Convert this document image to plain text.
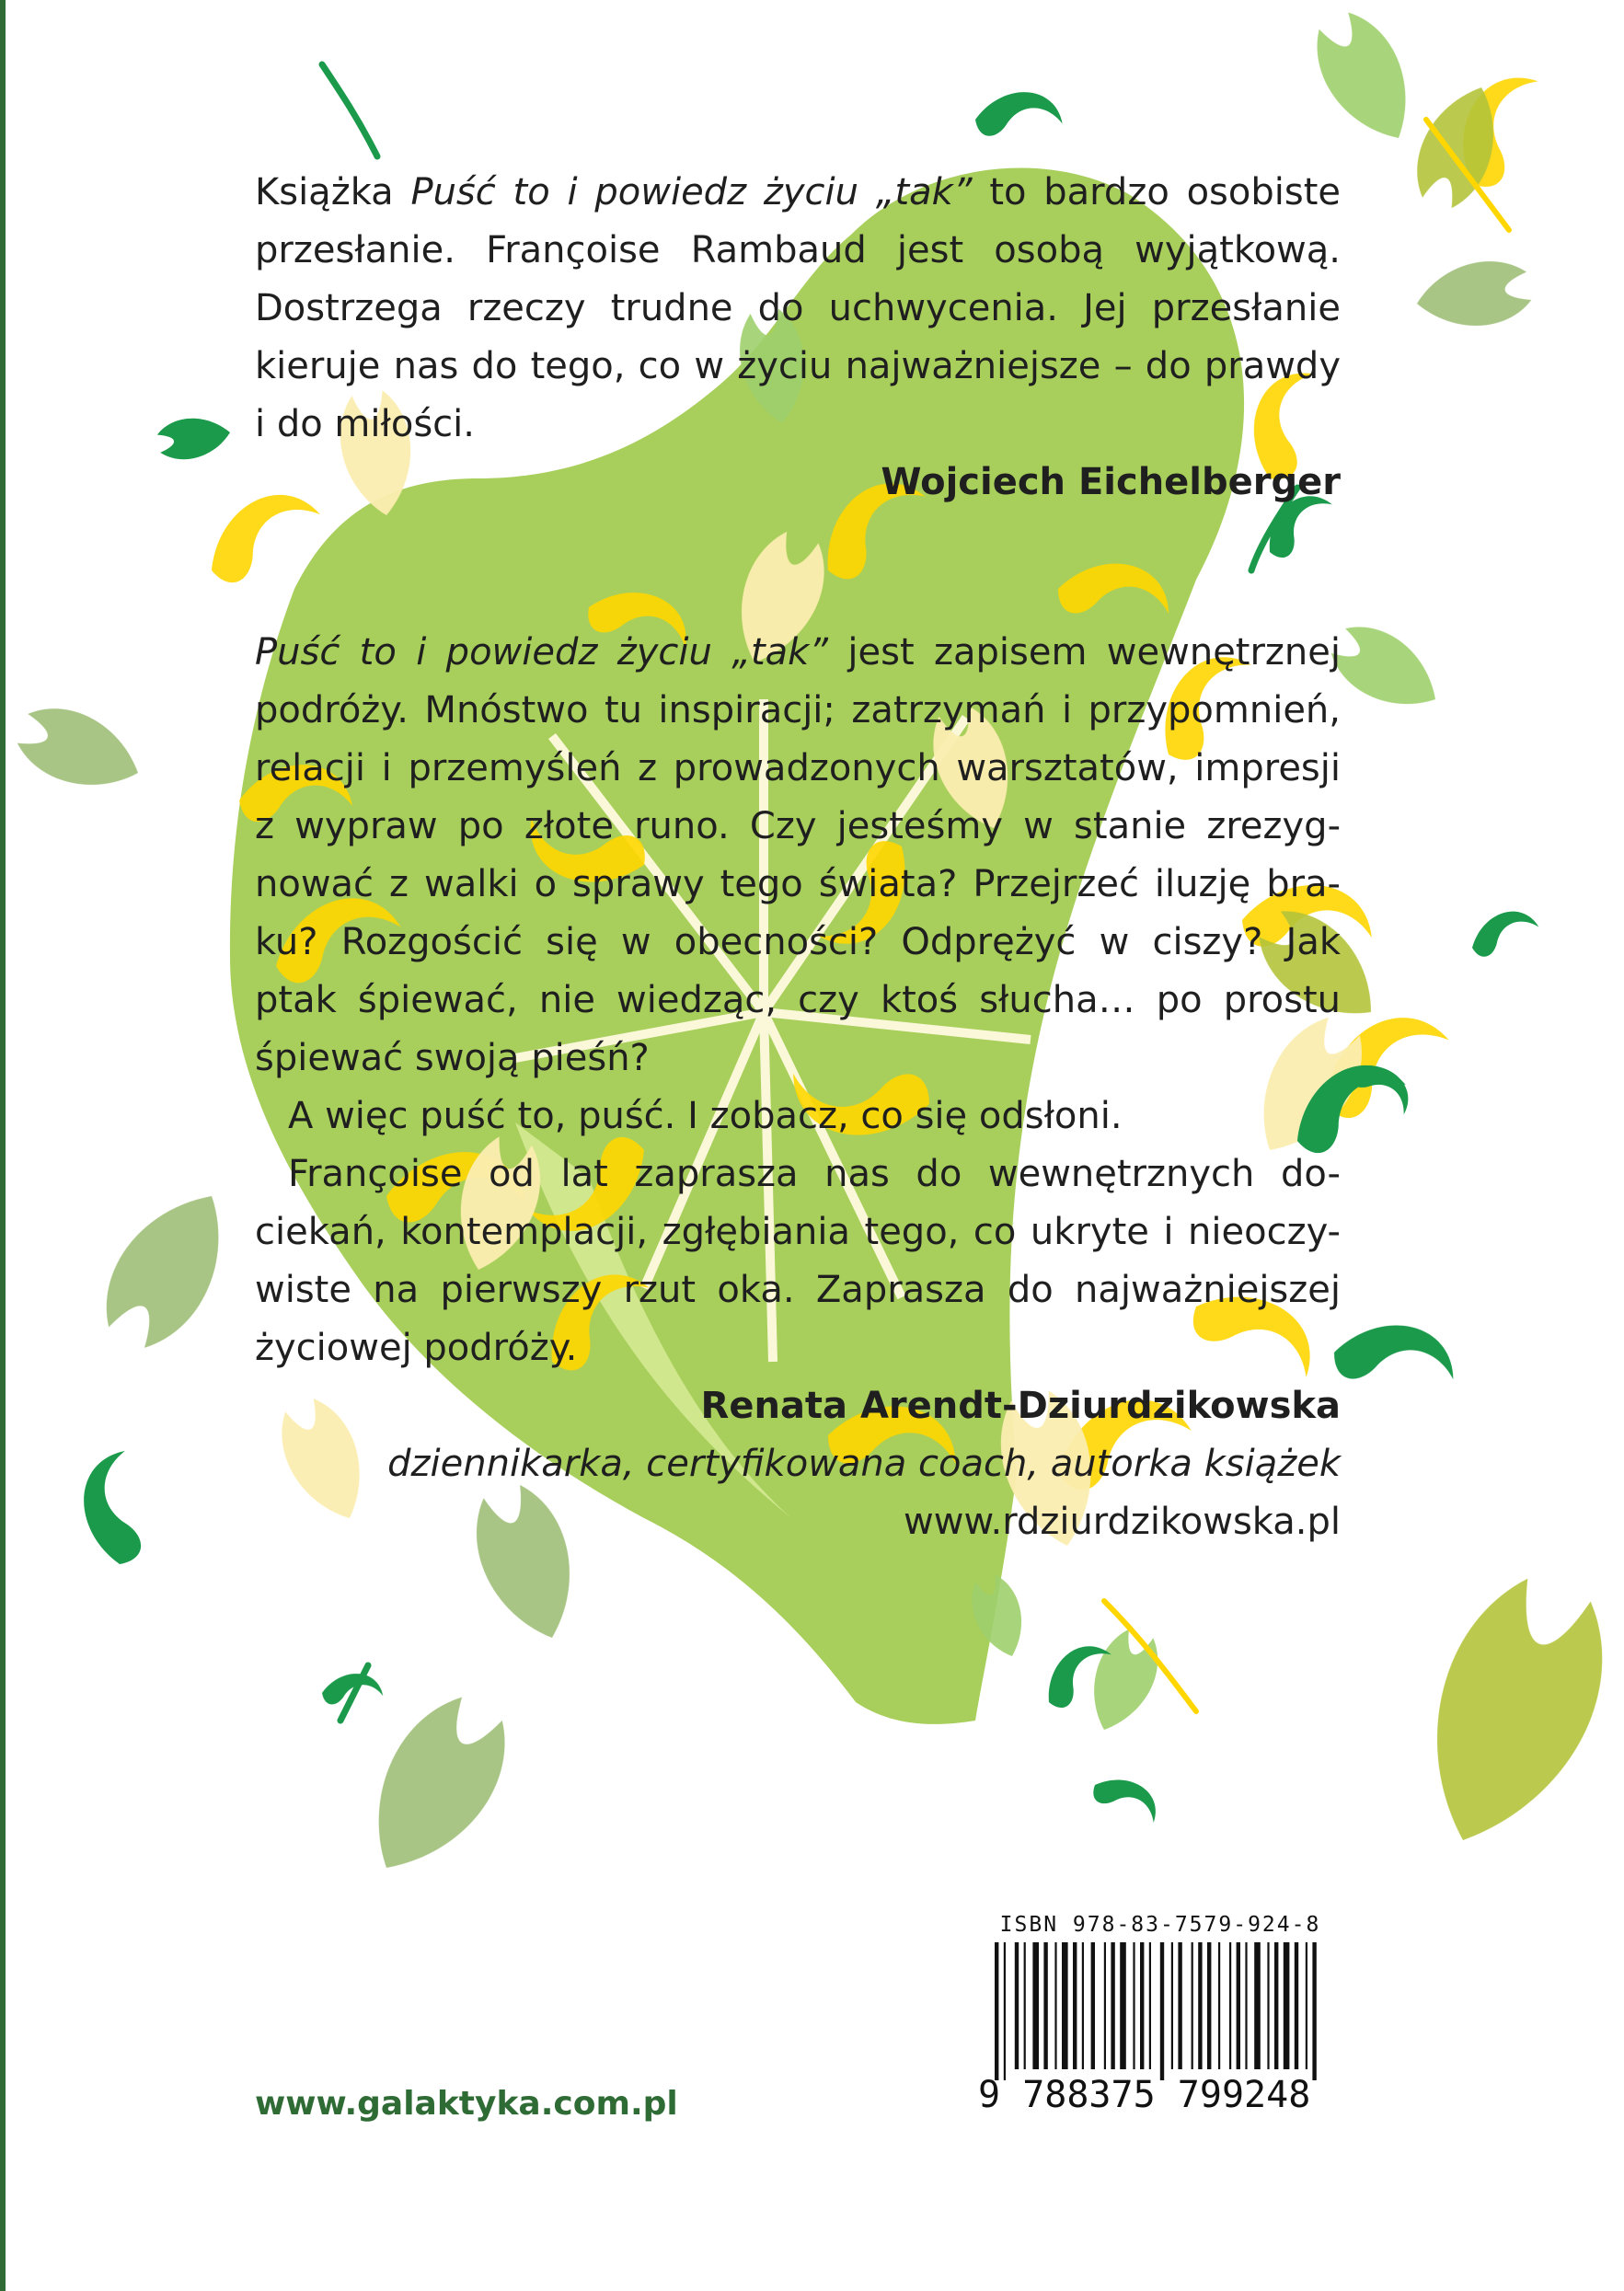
Książka Puść to i powiedz życiu „tak” to bardzo osobiste przesłanie. Françoise Rambaud jest osobą wyjątkową. Dostrzega rzeczy trudne do uchwycenia. Jej przesłanie kieruje nas do tego, co w życiu najważniejsze – do prawdy i do miłości.

Wojciech Eichelberger

Puść to i powiedz życiu „tak” jest zapisem wewnętrznej podróży. Mnóstwo tu inspiracji; zatrzymań i przypomnień, relacji i przemyśleń z prowadzonych warsztatów, impresji z wypraw po złote runo. Czy jesteśmy w stanie zrezyg-nować z walki o sprawy tego świata? Przejrzeć iluzję bra-ku? Rozgościć się w obecności? Odprężyć w ciszy? Jak ptak śpiewać, nie wiedząc, czy ktoś słucha… po prostu śpiewać swoją pieśń?

A więc puść to, puść. I zobacz, co się odsłoni.

Françoise od lat zaprasza nas do wewnętrznych do-ciekań, kontemplacji, zgłębiania tego, co ukryte i nieoczy-wiste na pierwszy rzut oka. Zaprasza do najważniejszej życiowej podróży.

Renata Arendt-Dziurdzikowska

dziennikarka, certyfikowana coach, autorka książek

www.rdziurdzikowska.pl

ISBN 978-83-7579-924-8
9 788375 799248
www.galaktyka.com.pl
